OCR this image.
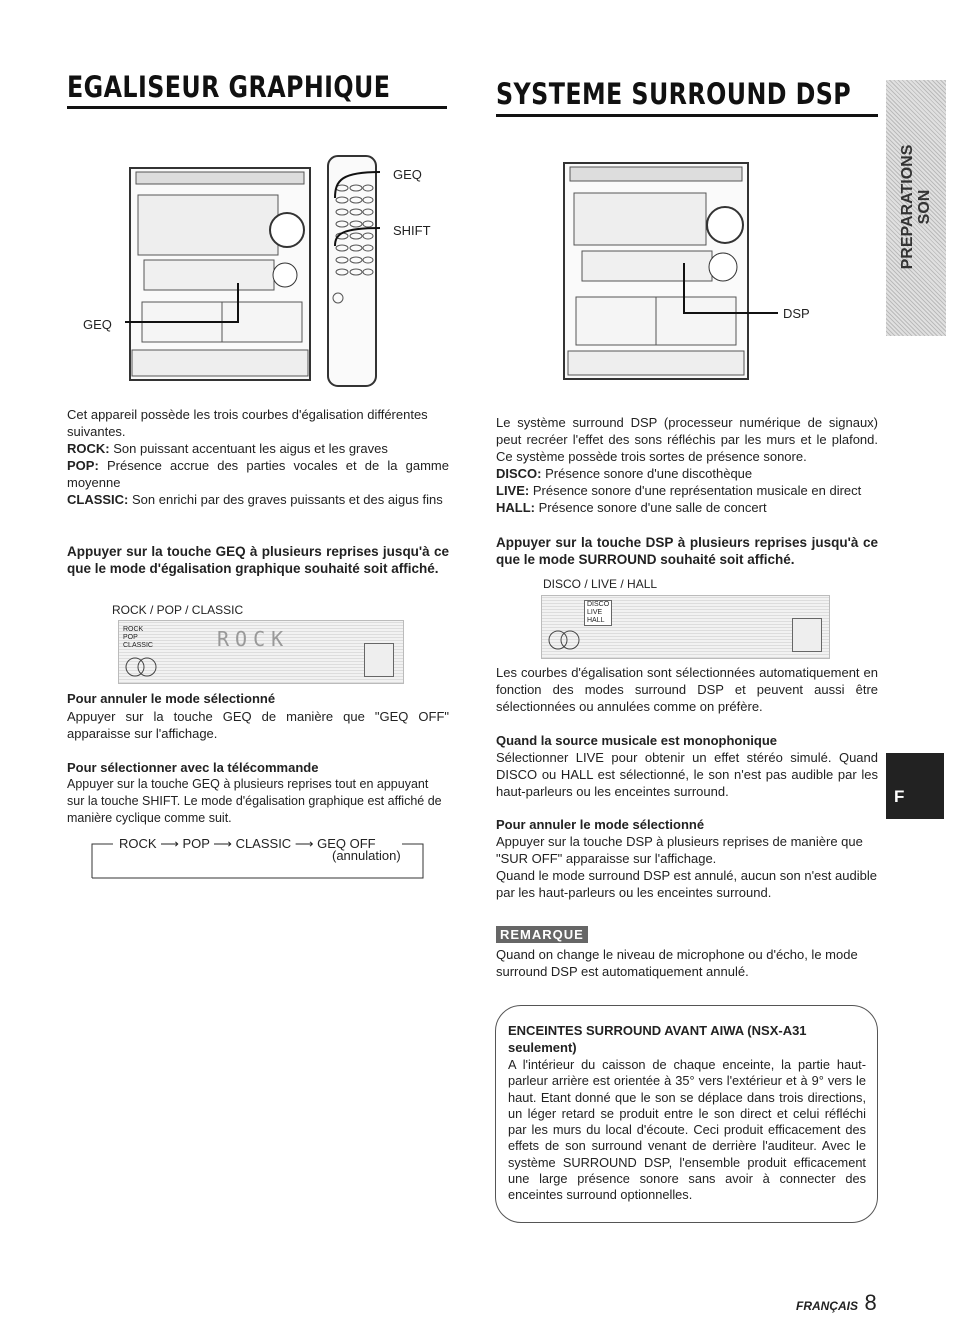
EGALISEUR GRAPHIQUE
GEQ
SHIFT
GEQ
Cet appareil possède les trois courbes d'égalisation différentes suivantes.
ROCK: Son puissant accentuant les aigus et les graves
POP: Présence accrue des parties vocales et de la gamme moyenne
CLASSIC: Son enrichi par des graves puissants et des aigus fins
Appuyer sur la touche GEQ à plusieurs reprises jusqu'à ce que le mode d'égalisation graphique souhaité soit affiché.
ROCK / POP / CLASSIC
ROCK
POP
CLASSIC	ROCK
Pour annuler le mode sélectionné
Appuyer sur la touche GEQ de manière que "GEQ OFF" apparaisse sur l'affichage.
Pour sélectionner avec la télécommande
Appuyer sur la touche GEQ à plusieurs reprises tout en appuyant sur la touche SHIFT. Le mode d'égalisation graphique est affiché de manière cyclique comme suit.
ROCK ⟶ POP ⟶ CLASSIC ⟶ GEQ OFF
(annulation)
SYSTEME SURROUND DSP
DSP
Le système surround DSP (processeur numérique de signaux) peut recréer l'effet des sons réfléchis par les murs et le plafond. Ce système possède trois sortes de présence sonore.
DISCO: Présence sonore d'une discothèque
LIVE: Présence sonore d'une représentation musicale en direct
HALL: Présence sonore d'une salle de concert
Appuyer sur la touche DSP à plusieurs reprises jusqu'à ce que le mode SURROUND souhaité soit affiché.
DISCO / LIVE / HALL
DISCO
LIVE
HALL
Les courbes d'égalisation sont sélectionnées automatiquement en fonction des modes surround DSP et peuvent aussi être sélectionnées ou annulées comme on préfère.
Quand la source musicale est monophonique
Sélectionner LIVE pour obtenir un effet stéréo simulé. Quand DISCO ou HALL est sélectionné, le son n'est pas audible par les haut-parleurs ou les enceintes surround.
Pour annuler le mode sélectionné
Appuyer sur la touche DSP à plusieurs reprises de manière que "SUR OFF" apparaisse sur l'affichage.
Quand le mode surround DSP est annulé, aucun son n'est audible par les haut-parleurs ou les enceintes surround.
REMARQUE
Quand on change le niveau de microphone ou d'écho, le mode surround DSP est automatiquement annulé.
ENCEINTES SURROUND AVANT AIWA (NSX-A31 seulement)
A l'intérieur du caisson de chaque enceinte, la partie haut-parleur arrière est orientée à 35° vers l'extérieur et à 9° vers le haut. Etant donné que le son se déplace dans trois directions, un léger retard se produit entre le son direct et celui réfléchi par les murs du local d'écoute. Ceci produit efficacement des effets de son surround venant de derrière l'auditeur. Avec le système SURROUND DSP, l'ensemble produit efficacement une large présence sonore sans avoir à connecter des enceintes surround optionnelles.
PREPARATIONS SON
F
FRANÇAIS 8
